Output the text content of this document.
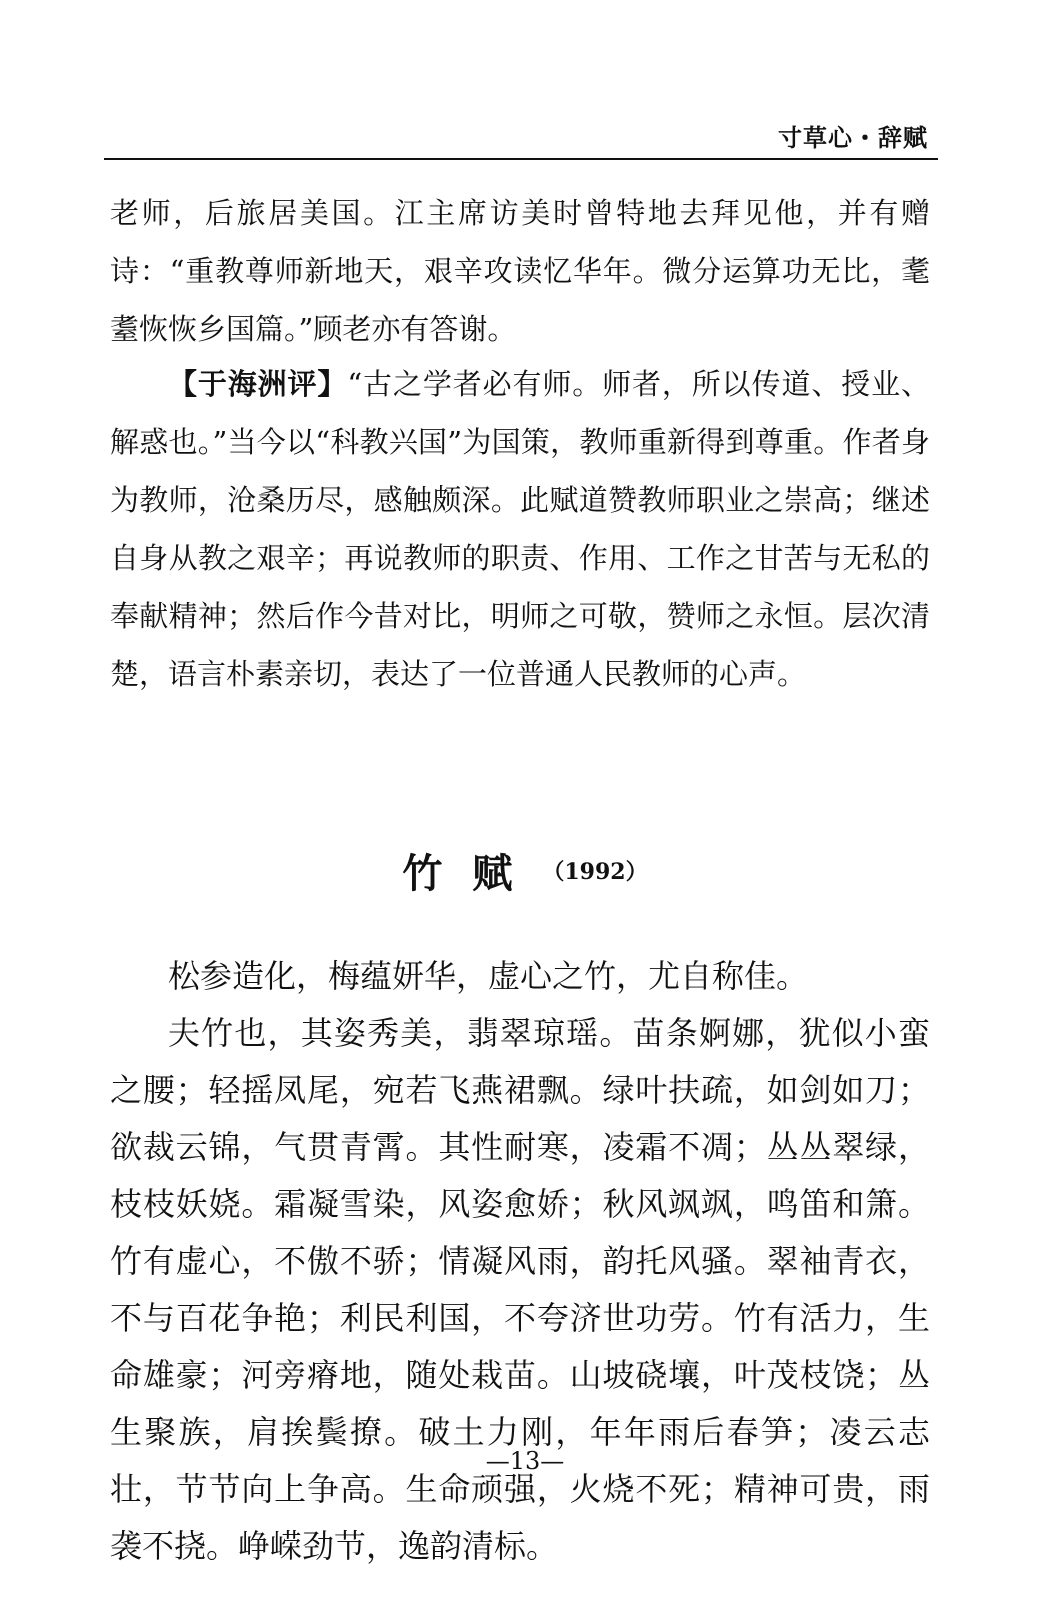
寸草心・辞赋

老师，后旅居美国。江主席访美时曾特地去拜见他，并有赠诗：“重教尊师新地天，艰辛攻读忆华年。微分运算功无比，耄耋恢恢乡国篇。”顾老亦有答谢。

【于海洲评】“古之学者必有师。师者，所以传道、授业、解惑也。”当今以“科教兴国”为国策，教师重新得到尊重。作者身为教师，沧桑历尽，感触颇深。此赋道赞教师职业之崇高；继述自身从教之艰辛；再说教师的职责、作用、工作之甘苦与无私的奉献精神；然后作今昔对比，明师之可敬，赞师之永恒。层次清楚，语言朴素亲切，表达了一位普通人民教师的心声。

竹赋（1992）

松参造化，梅蕴妍华，虚心之竹，尤自称佳。

夫竹也，其姿秀美，翡翠琼瑶。苗条婀娜，犹似小蛮之腰；轻摇凤尾，宛若飞燕裙飘。绿叶扶疏，如剑如刀；欲裁云锦，气贯青霄。其性耐寒，凌霜不凋；丛丛翠绿，枝枝妖娆。霜凝雪染，风姿愈娇；秋风飒飒，鸣笛和箫。竹有虚心，不傲不骄；情凝风雨，韵托风骚。翠袖青衣，不与百花争艳；利民利国，不夸济世功劳。竹有活力，生命雄豪；河旁瘠地，随处栽苗。山坡硗壤，叶茂枝饶；丛生聚族，肩挨鬓撩。破土力刚，年年雨后春笋；凌云志壮，节节向上争高。生命顽强，火烧不死；精神可贵，雨袭不挠。峥嵘劲节，逸韵清标。

—13—
